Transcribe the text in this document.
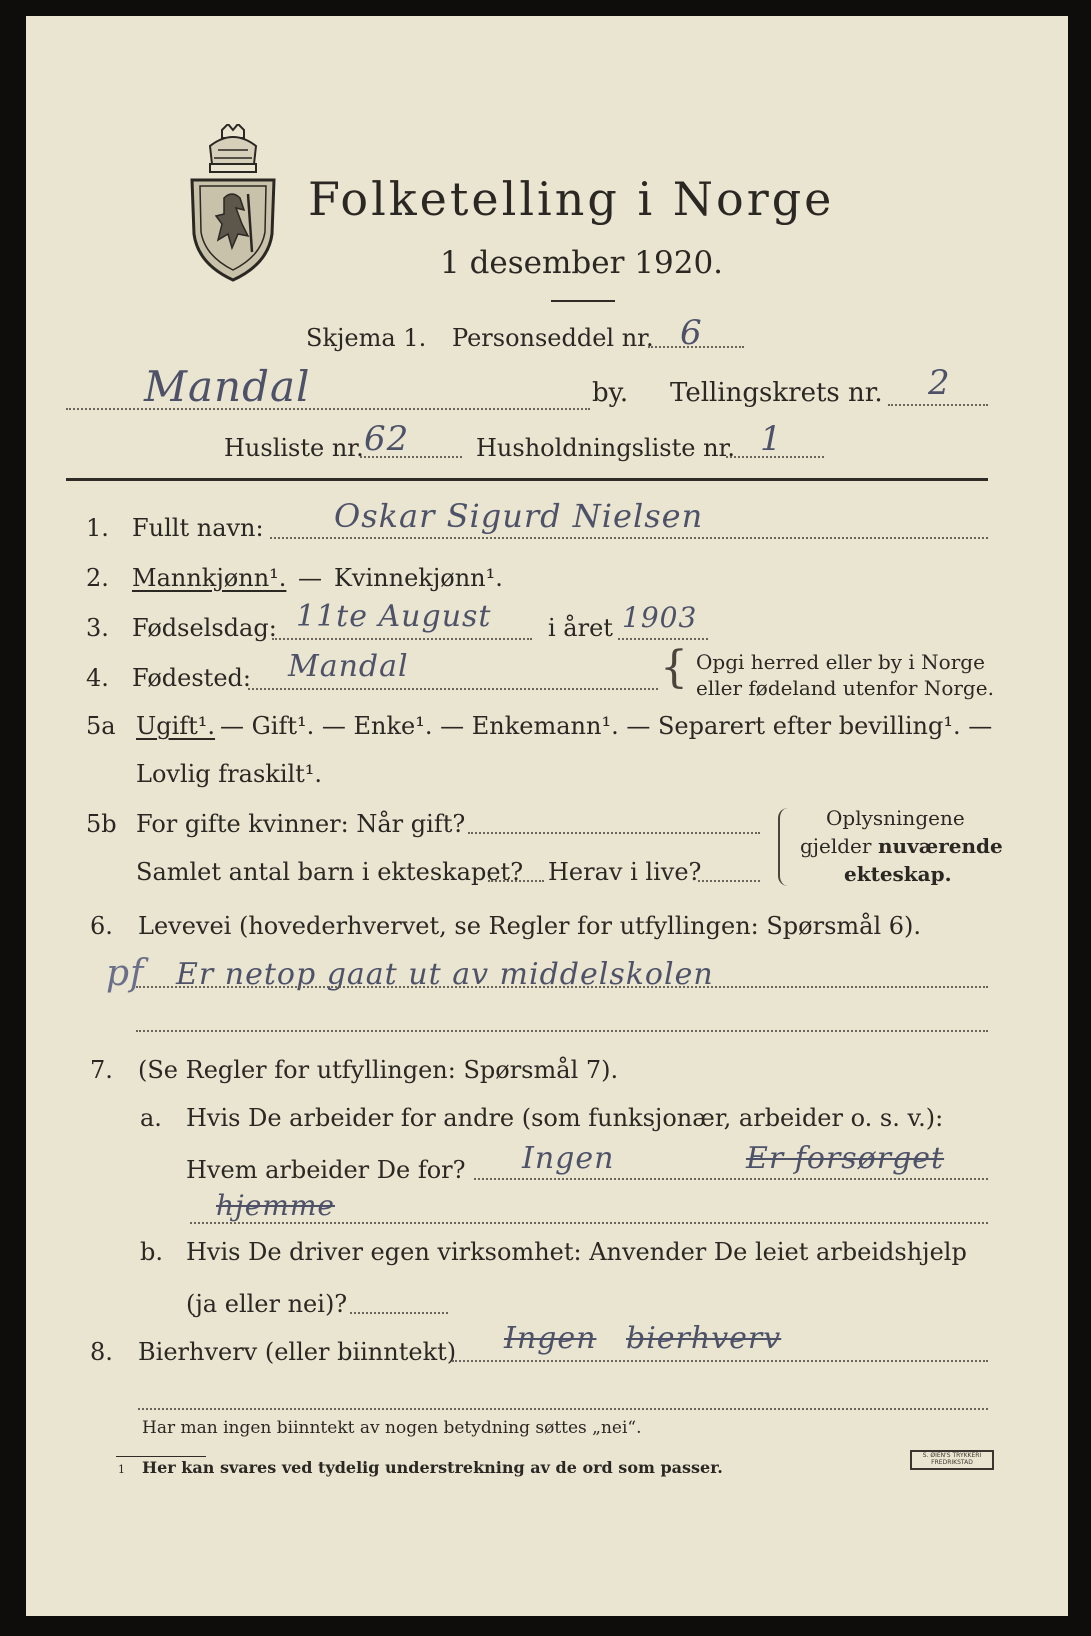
Folketelling i Norge
1 desember 1920.
Skjema 1. Personseddel nr. 6
Mandal	by. Tellingskrets nr. 2
Husliste nr. 62	Husholdningsliste nr. 1
1. Fullt navn: Oskar Sigurd Nielsen
2. Mannkjønn¹. — Kvinnekjønn¹.
3. Fødselsdag: 11te August i året 1903
4. Fødested: Mandal	{ Opgi herred eller by i Norge
eller fødeland utenfor Norge.
5a Ugift¹. — Gift¹. — Enke¹. — Enkemann¹. — Separert efter bevilling¹. —
Lovlig fraskilt¹.
5b For gifte kvinner: Når gift?
Samlet antal barn i ekteskapet? Herav i live?
Oplysningene
gjelder nuværende
ekteskap.
6. Levevei (hovederhvervet, se Regler for utfyllingen: Spørsmål 6).
pf Er netop gaat ut av middelskolen
7. (Se Regler for utfyllingen: Spørsmål 7).
a. Hvis De arbeider for andre (som funksjonær, arbeider o. s. v.):
Hvem arbeider De for? Ingen	Er forsørget
hjemme
b. Hvis De driver egen virksomhet: Anvender De leiet arbeidshjelp
(ja eller nei)?
8. Bierhverv (eller biinntekt) Ingen bierhverv
Har man ingen biinntekt av nogen betydning søttes „nei“.
1 Her kan svares ved tydelig understrekning av de ord som passer.
S. ØIEN'S TRYKKERI
FREDRIKSTAD
